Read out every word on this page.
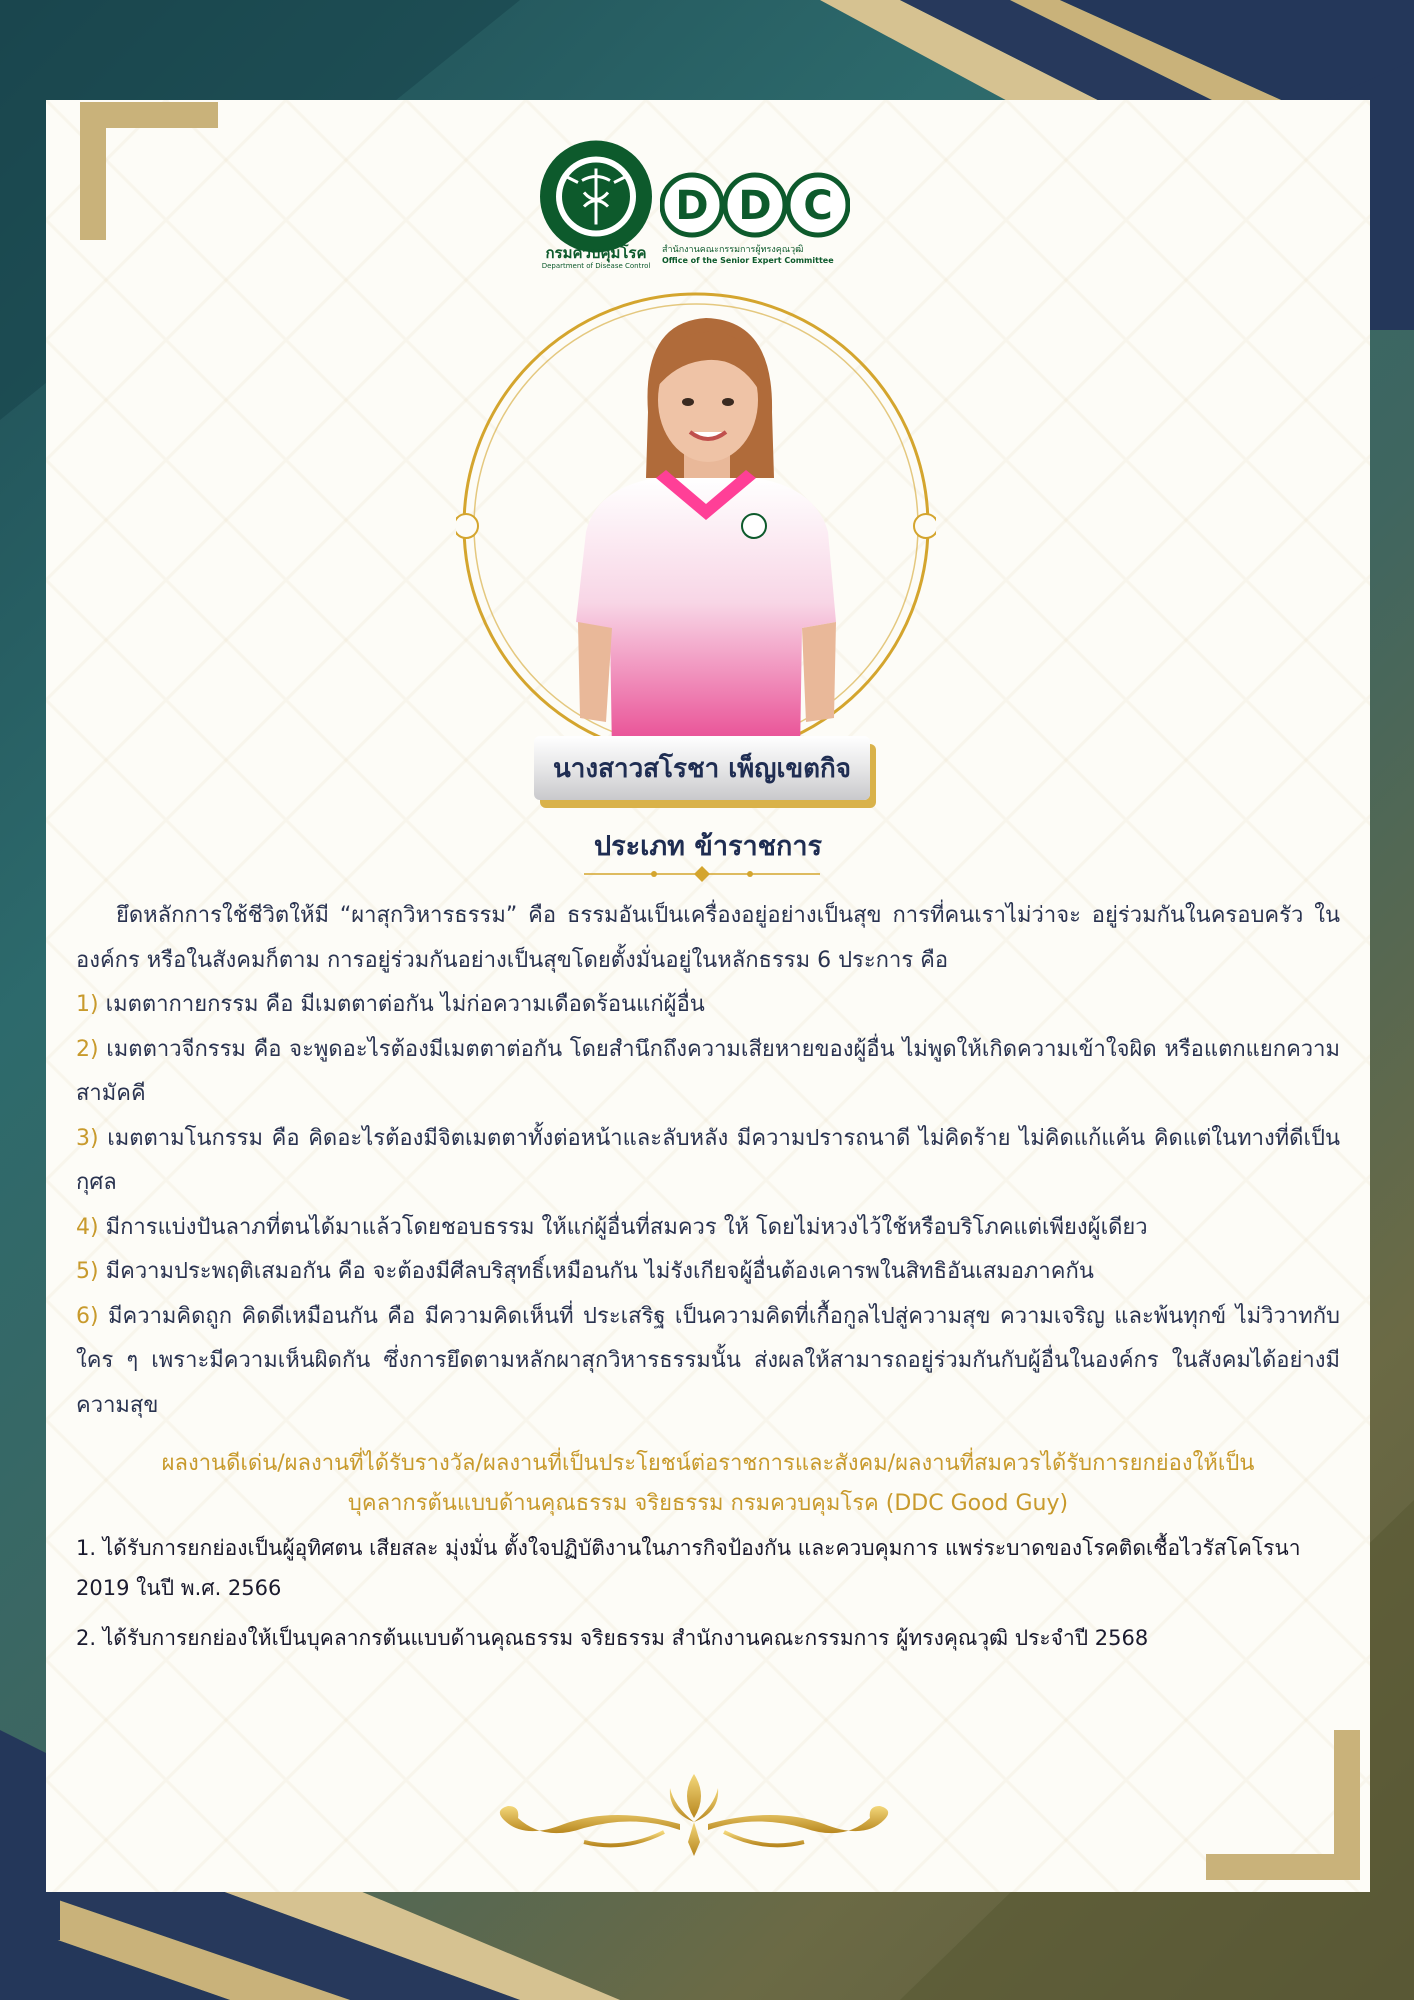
กรมควบคุมโรค
Department of Disease Control
D D C
สำนักงานคณะกรรมการผู้ทรงคุณวุฒิ
Office of the Senior Expert Committee
นางสาวสโรชา เพ็ญเขตกิจ
ประเภท ข้าราชการ

ยึดหลักการใช้ชีวิตให้มี “ผาสุกวิหารธรรม” คือ ธรรมอันเป็นเครื่องอยู่อย่างเป็นสุข การที่คนเราไม่ว่าจะ อยู่ร่วมกันในครอบครัว ในองค์กร หรือในสังคมก็ตาม การอยู่ร่วมกันอย่างเป็นสุขโดยตั้งมั่นอยู่ในหลักธรรม 6 ประการ คือ

1) เมตตากายกรรม คือ มีเมตตาต่อกัน ไม่ก่อความเดือดร้อนแก่ผู้อื่น

2) เมตตาวจีกรรม คือ จะพูดอะไรต้องมีเมตตาต่อกัน โดยสำนึกถึงความเสียหายของผู้อื่น ไม่พูดให้เกิดความเข้าใจผิด หรือแตกแยกความ สามัคคี

3) เมตตามโนกรรม คือ คิดอะไรต้องมีจิตเมตตาทั้งต่อหน้าและลับหลัง มีความปรารถนาดี ไม่คิดร้าย ไม่คิดแก้แค้น คิดแต่ในทางที่ดีเป็นกุศล

4) มีการแบ่งปันลาภที่ตนได้มาแล้วโดยชอบธรรม ให้แก่ผู้อื่นที่สมควร ให้ โดยไม่หวงไว้ใช้หรือบริโภคแต่เพียงผู้เดียว

5) มีความประพฤติเสมอกัน คือ จะต้องมีศีลบริสุทธิ์เหมือนกัน ไม่รังเกียจผู้อื่นต้องเคารพในสิทธิอันเสมอภาคกัน

6) มีความคิดถูก คิดดีเหมือนกัน คือ มีความคิดเห็นที่ ประเสริฐ เป็นความคิดที่เกื้อกูลไปสู่ความสุข ความเจริญ และพ้นทุกข์ ไม่วิวาทกับใคร ๆ เพราะมีความเห็นผิดกัน ซึ่งการยึดตามหลักผาสุกวิหารธรรมนั้น ส่งผลให้สามารถอยู่ร่วมกันกับผู้อื่นในองค์กร ในสังคมได้อย่างมีความสุข

ผลงานดีเด่น/ผลงานที่ได้รับรางวัล/ผลงานที่เป็นประโยชน์ต่อราชการและสังคม/ผลงานที่สมควรได้รับการยกย่องให้เป็น
บุคลากรต้นแบบด้านคุณธรรม จริยธรรม กรมควบคุมโรค (DDC Good Guy)

1. ได้รับการยกย่องเป็นผู้อุทิศตน เสียสละ มุ่งมั่น ตั้งใจปฏิบัติงานในภารกิจป้องกัน และควบคุมการ แพร่ระบาดของโรคติดเชื้อไวรัสโคโรนา 2019 ในปี พ.ศ. 2566

2. ได้รับการยกย่องให้เป็นบุคลากรต้นแบบด้านคุณธรรม จริยธรรม สำนักงานคณะกรรมการ ผู้ทรงคุณวุฒิ ประจำปี 2568
